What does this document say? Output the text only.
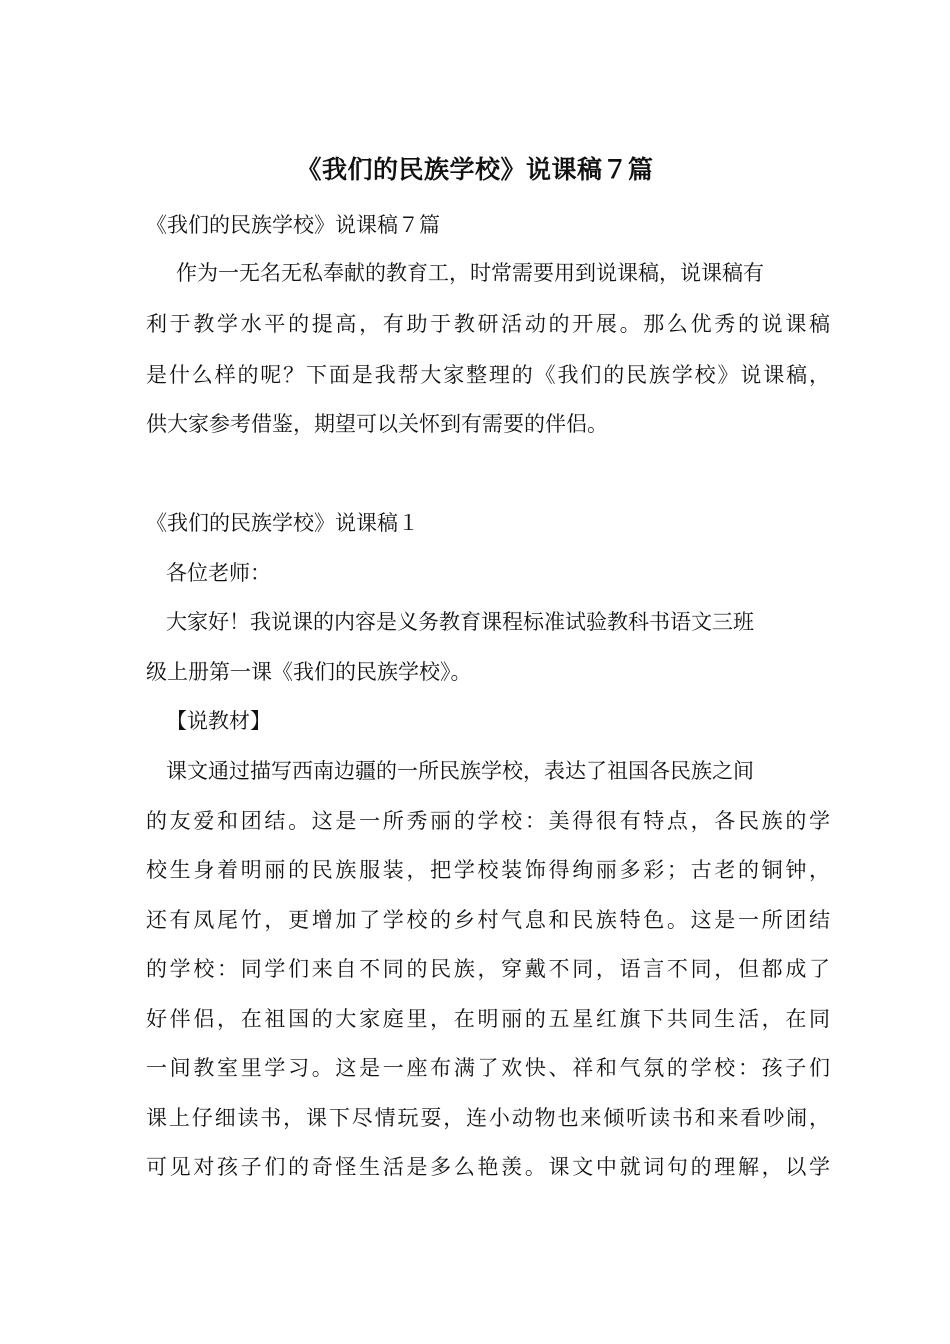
《我们的民族学校》说课稿７篇
《我们的民族学校》说课稿７篇
作为一无名无私奉献的教育工，时常需要用到说课稿，说课稿有
利于教学水平的提高，有助于教研活动的开展。那么优秀的说课稿
是什么样的呢？下面是我帮大家整理的《我们的民族学校》说课稿，
供大家参考借鉴，期望可以关怀到有需要的伴侣。
《我们的民族学校》说课稿１
各位老师：
大家好！我说课的内容是义务教育课程标准试验教科书语文三班
级上册第一课《我们的民族学校》。
【说教材】
课文通过描写西南边疆的一所民族学校，表达了祖国各民族之间
的友爱和团结。这是一所秀丽的学校：美得很有特点，各民族的学
校生身着明丽的民族服装，把学校装饰得绚丽多彩；古老的铜钟，
还有凤尾竹，更增加了学校的乡村气息和民族特色。这是一所团结
的学校：同学们来自不同的民族，穿戴不同，语言不同，但都成了
好伴侣，在祖国的大家庭里，在明丽的五星红旗下共同生活，在同
一间教室里学习。这是一座布满了欢快、祥和气氛的学校：孩子们
课上仔细读书，课下尽情玩耍，连小动物也来倾听读书和来看吵闹，
可见对孩子们的奇怪生活是多么艳羡。课文中就词句的理解，以学
